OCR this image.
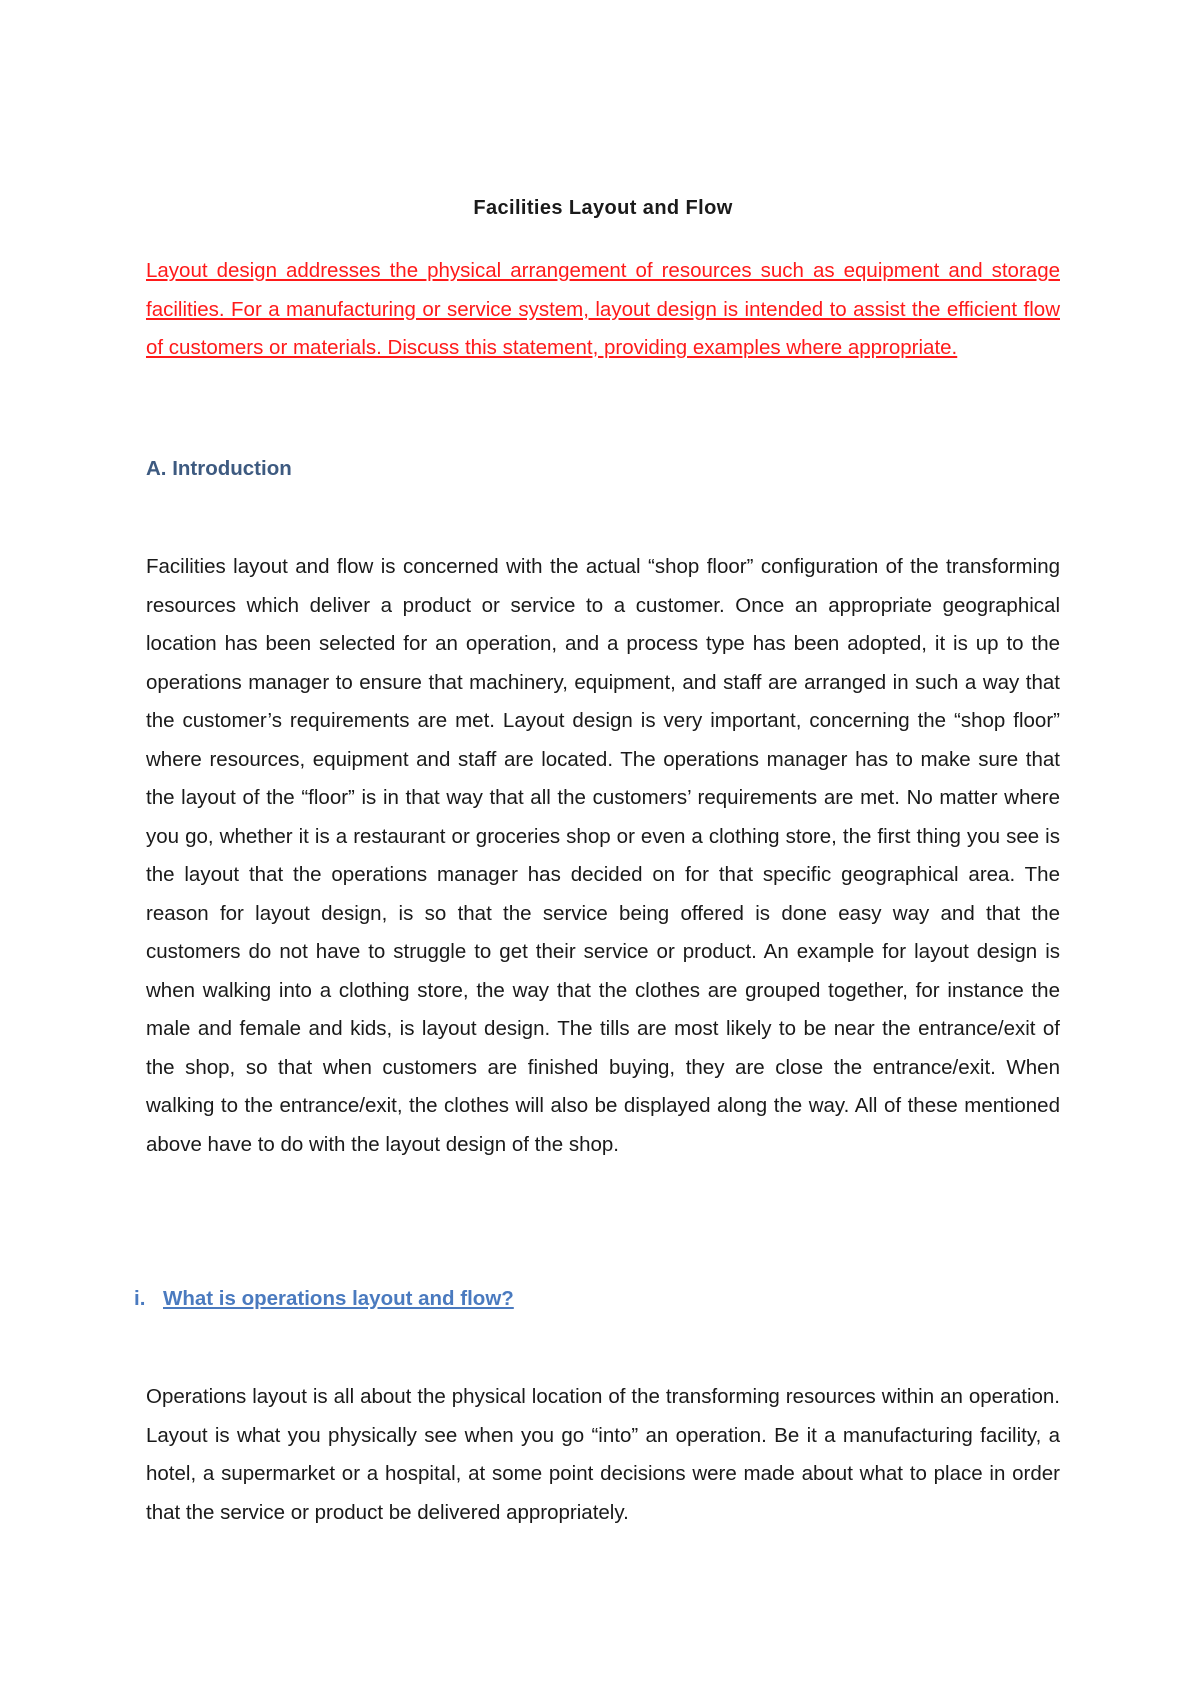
Facilities Layout and Flow
Layout design addresses the physical arrangement of resources such as equipment and storage facilities. For a manufacturing or service system, layout design is intended to assist the efficient flow of customers or materials. Discuss this statement, providing examples where appropriate.
A. Introduction
Facilities layout and flow is concerned with the actual “shop floor” configuration of the transforming resources which deliver a product or service to a customer. Once an appropriate geographical location has been selected for an operation, and a process type has been adopted, it is up to the operations manager to ensure that machinery, equipment, and staff are arranged in such a way that the customer’s requirements are met. Layout design is very important, concerning the “shop floor” where resources, equipment and staff are located. The operations manager has to make sure that the layout of the “floor” is in that way that all the customers’ requirements are met. No matter where you go, whether it is a restaurant or groceries shop or even a clothing store, the first thing you see is the layout that the operations manager has decided on for that specific geographical area. The reason for layout design, is so that the service being offered is done easy way and that the customers do not have to struggle to get their service or product. An example for layout design is when walking into a clothing store, the way that the clothes are grouped together, for instance the male and female and kids, is layout design. The tills are most likely to be near the entrance/exit of the shop, so that when customers are finished buying, they are close the entrance/exit. When walking to the entrance/exit, the clothes will also be displayed along the way. All of these mentioned above have to do with the layout design of the shop.
i. What is operations layout and flow?
Operations layout is all about the physical location of the transforming resources within an operation. Layout is what you physically see when you go “into” an operation. Be it a manufacturing facility, a hotel, a supermarket or a hospital, at some point decisions were made about what to place in order that the service or product be delivered appropriately.
